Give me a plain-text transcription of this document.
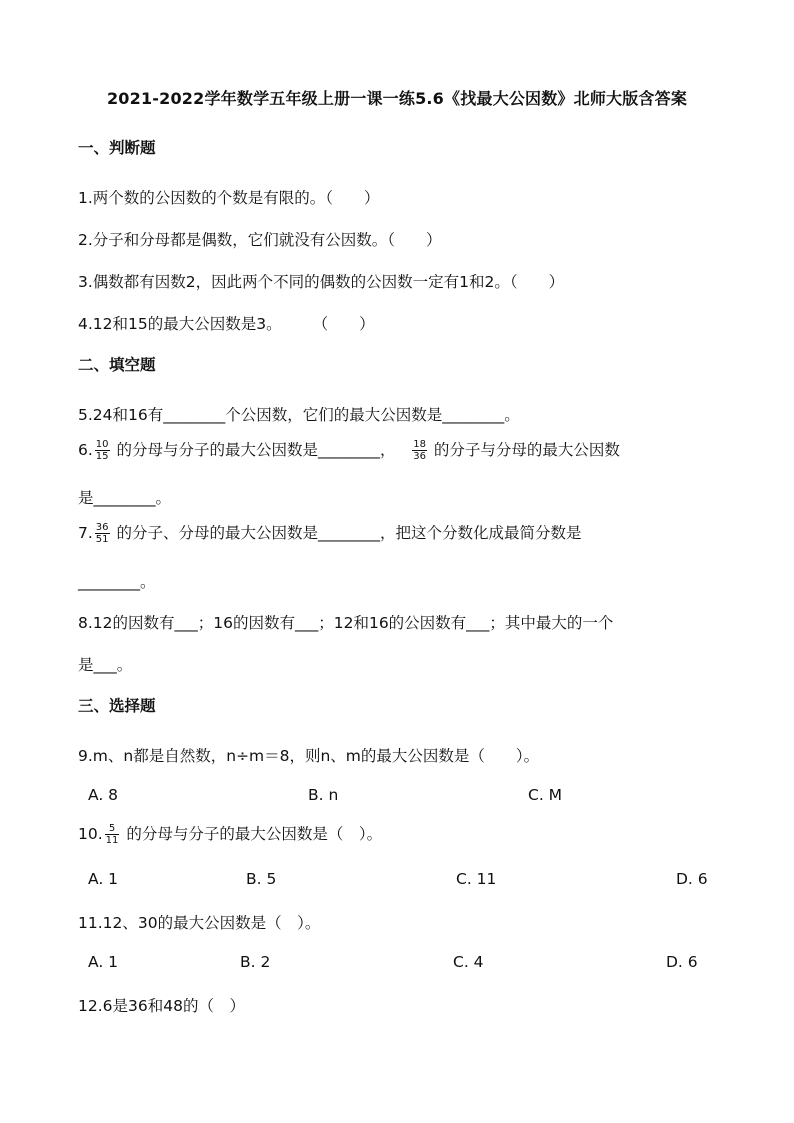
2021-2022学年数学五年级上册一课一练5.6《找最大公因数》北师大版含答案
一、判断题
1.两个数的公因数的个数是有限的。（　　）
2.分子和分母都是偶数，它们就没有公因数。（　　）
3.偶数都有因数2，因此两个不同的偶数的公因数一定有1和2。（　　）
4.12和15的最大公因数是3。　　　（　　）
二、填空题
5.24和16有________个公因数，它们的最大公因数是________。
6. $\frac{10}{15}$ 的分母与分子的最大公因数是________， $\frac{18}{36}$ 的分子与分母的最大公因数
是________。
7. $\frac{36}{51}$ 的分子、分母的最大公因数是________，把这个分数化成最简分数是
________。
8.12的因数有___；16的因数有___；12和16的公因数有___；其中最大的一个
是___。
三、选择题
9.m、n都是自然数，n÷m＝8，则n、m的最大公因数是（　　）。
A. 8	B. n	C. M
10. $\frac{5}{11}$ 的分母与分子的最大公因数是（　）。
A. 1	B. 5	C. 11	D. 6
11.12、30的最大公因数是（　）。
A. 1	B. 2	C. 4	D. 6
12.6是36和48的（　）
